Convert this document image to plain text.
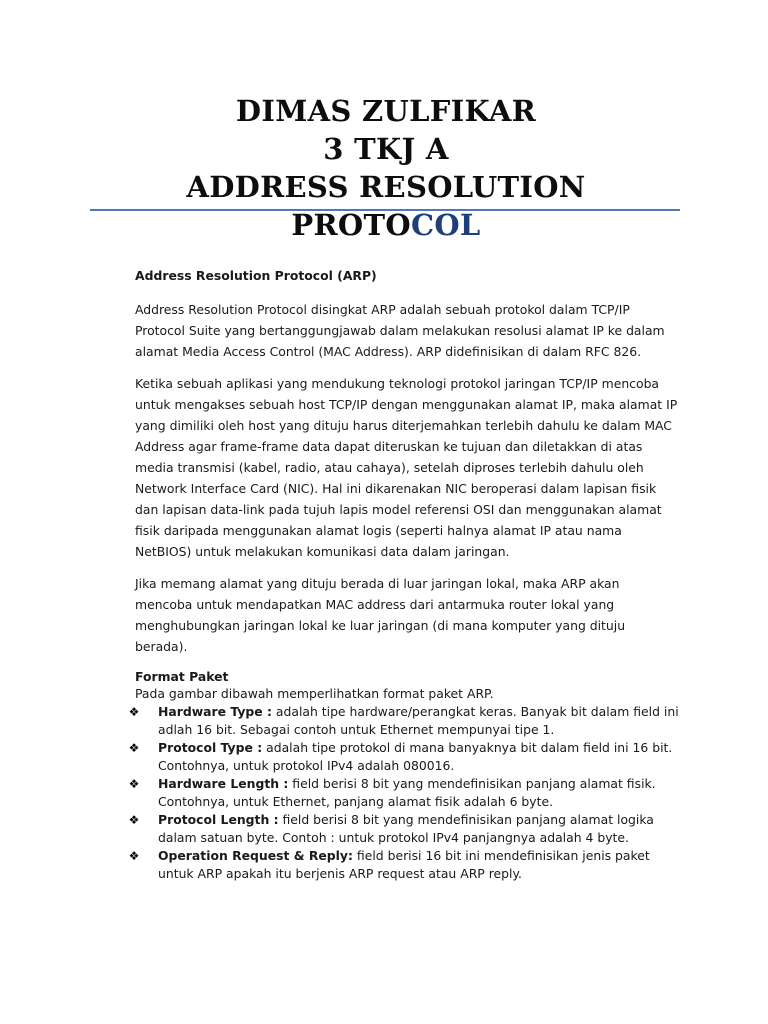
DIMAS ZULFIKAR
3 TKJ A
ADDRESS RESOLUTION PROTOCOL
Address Resolution Protocol (ARP)

Address Resolution Protocol disingkat ARP adalah sebuah protokol dalam TCP/IP Protocol Suite yang bertanggungjawab dalam melakukan resolusi alamat IP ke dalam alamat Media Access Control (MAC Address). ARP didefinisikan di dalam RFC 826.

Ketika sebuah aplikasi yang mendukung teknologi protokol jaringan TCP/IP mencoba untuk mengakses sebuah host TCP/IP dengan menggunakan alamat IP, maka alamat IP yang dimiliki oleh host yang dituju harus diterjemahkan terlebih dahulu ke dalam MAC Address agar frame-frame data dapat diteruskan ke tujuan dan diletakkan di atas media transmisi (kabel, radio, atau cahaya), setelah diproses terlebih dahulu oleh Network Interface Card (NIC). Hal ini dikarenakan NIC beroperasi dalam lapisan fisik dan lapisan data-link pada tujuh lapis model referensi OSI dan menggunakan alamat fisik daripada menggunakan alamat logis (seperti halnya alamat IP atau nama NetBIOS) untuk melakukan komunikasi data dalam jaringan.

Jika memang alamat yang dituju berada di luar jaringan lokal, maka ARP akan mencoba untuk mendapatkan MAC address dari antarmuka router lokal yang menghubungkan jaringan lokal ke luar jaringan (di mana komputer yang dituju berada).

Format Paket
Pada gambar dibawah memperlihatkan format paket ARP.
❖ Hardware Type : adalah tipe hardware/perangkat keras. Banyak bit dalam field ini adlah 16 bit. Sebagai contoh untuk Ethernet mempunyai tipe 1.
❖ Protocol Type : adalah tipe protokol di mana banyaknya bit dalam field ini 16 bit. Contohnya, untuk protokol IPv4 adalah 080016.
❖ Hardware Length : field berisi 8 bit yang mendefinisikan panjang alamat fisik. Contohnya, untuk Ethernet, panjang alamat fisik adalah 6 byte.
❖ Protocol Length : field berisi 8 bit yang mendefinisikan panjang alamat logika dalam satuan byte. Contoh : untuk protokol IPv4 panjangnya adalah 4 byte.
❖ Operation Request & Reply: field berisi 16 bit ini mendefinisikan jenis paket untuk ARP apakah itu berjenis ARP request atau ARP reply.
